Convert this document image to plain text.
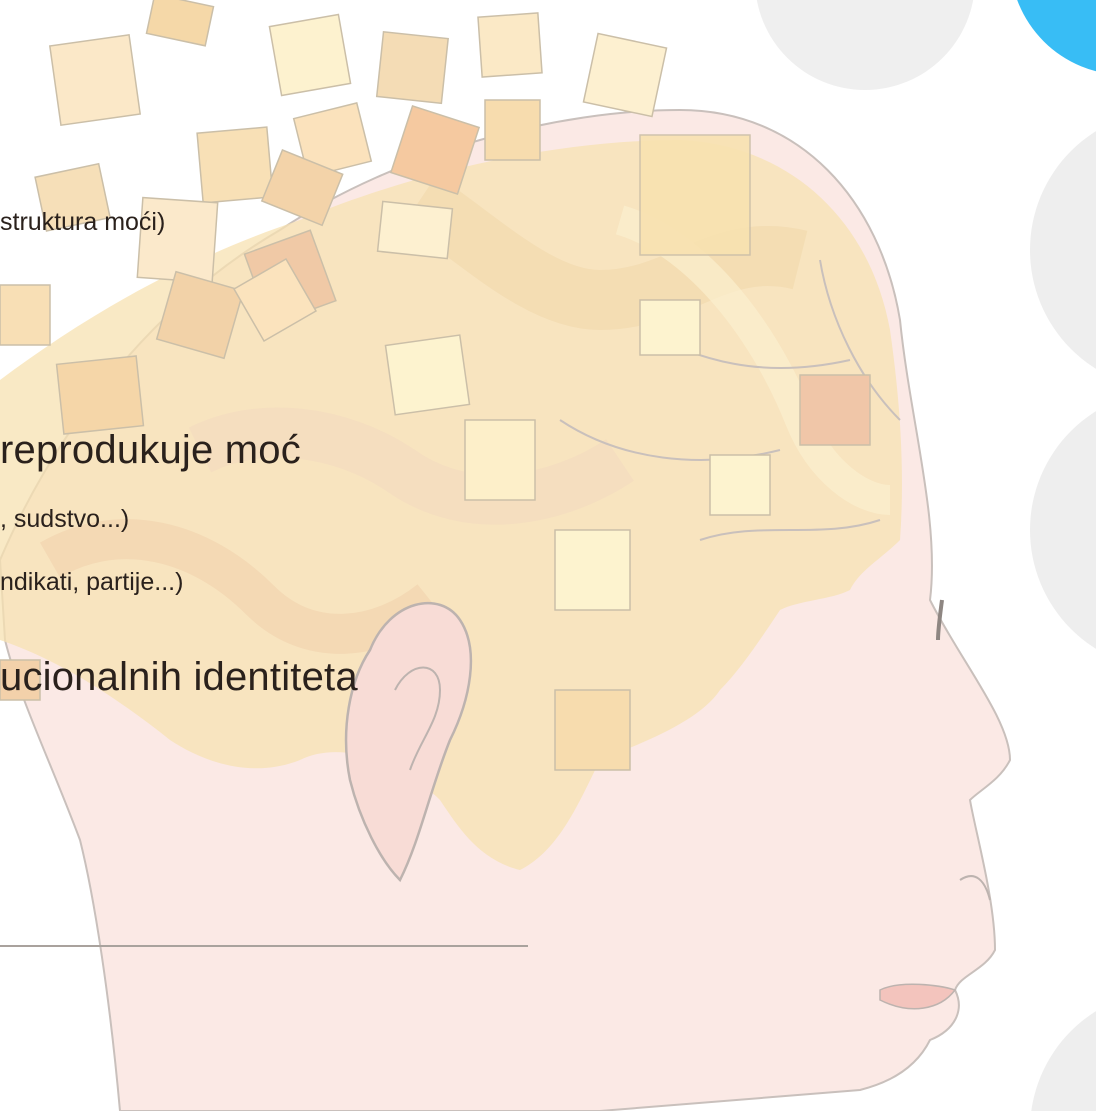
struktura moći)
reprodukuje moć
, sudstvo...)
ndikati, partije...)
ucionalnih identiteta
